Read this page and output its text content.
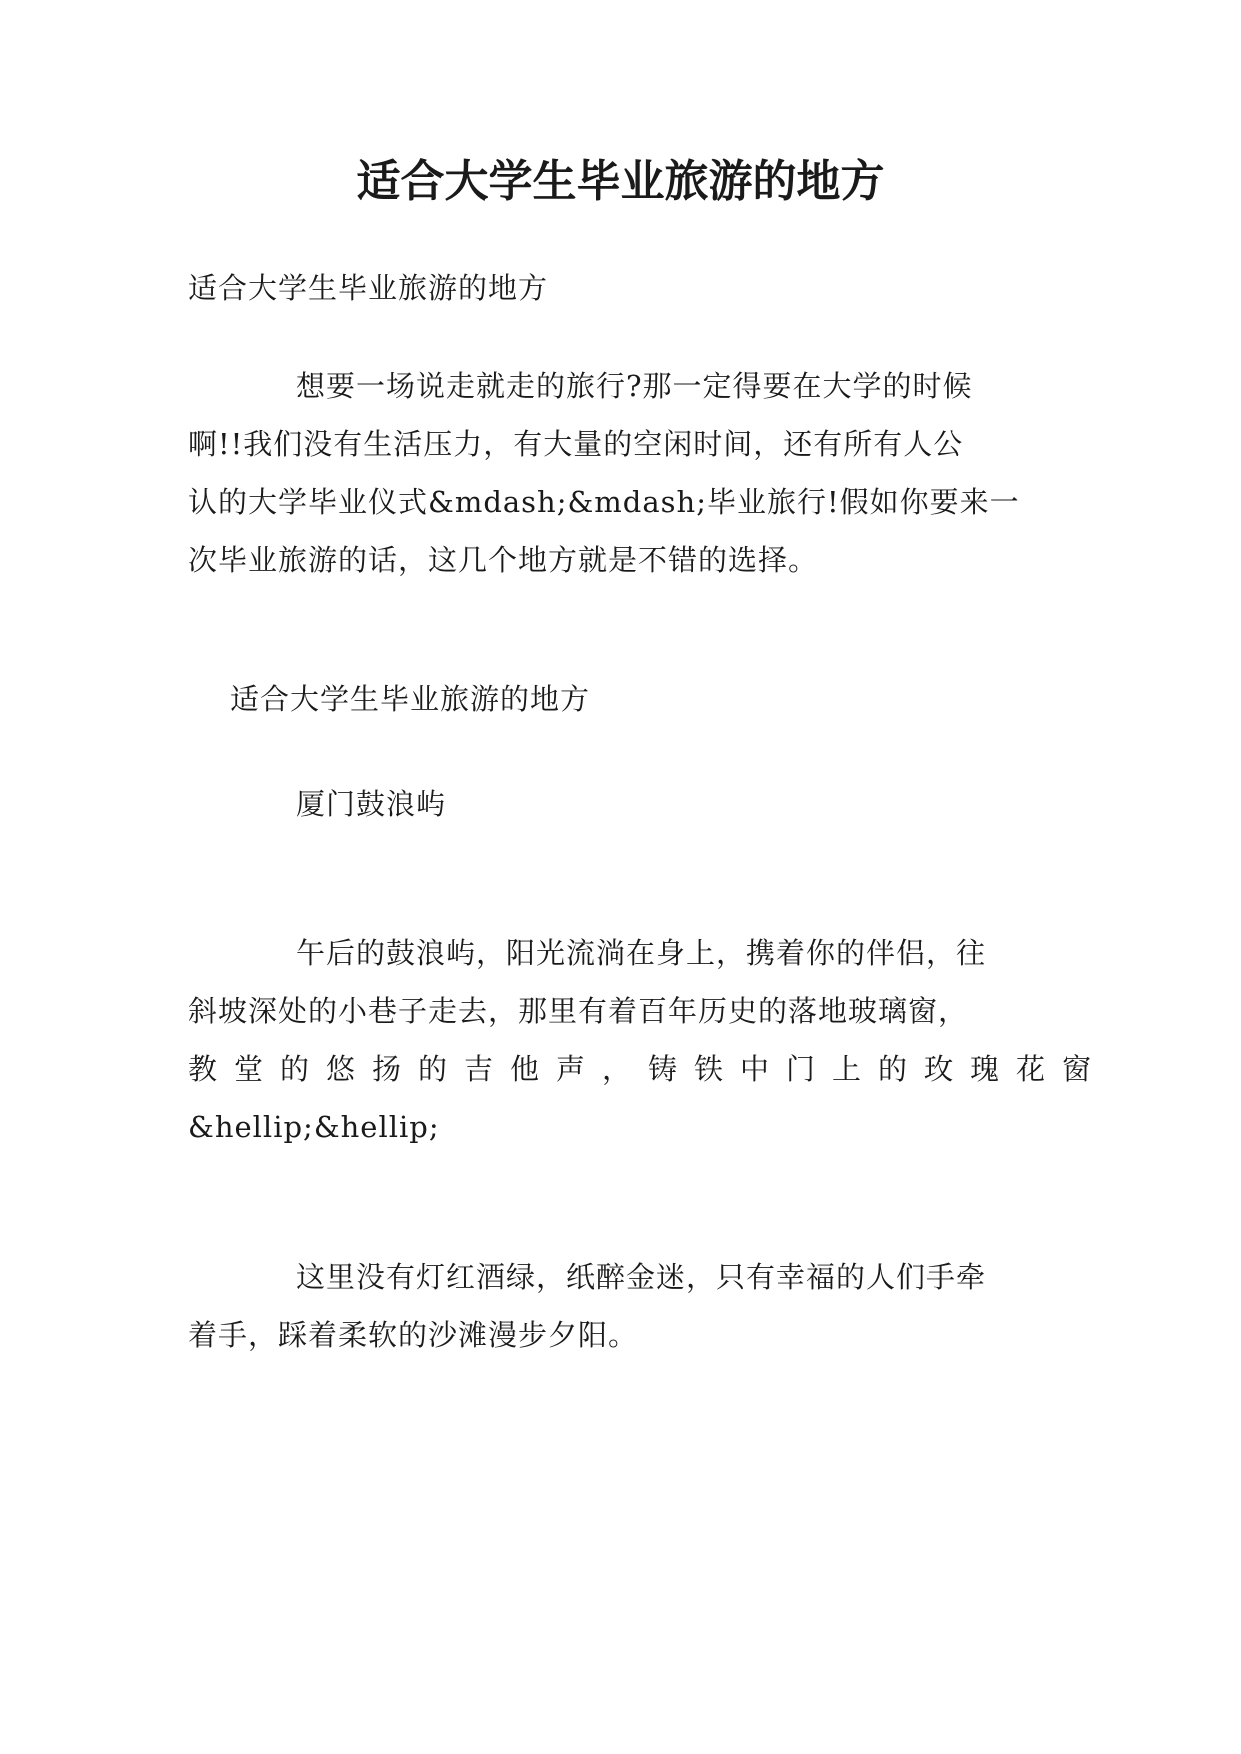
适合大学生毕业旅游的地方

适合大学生毕业旅游的地方

想要一场说走就走的旅行?那一定得要在大学的时候
啊!!我们没有生活压力，有大量的空闲时间，还有所有人公
认的大学毕业仪式&mdash;&mdash;毕业旅行!假如你要来一
次毕业旅游的话，这几个地方就是不错的选择。

适合大学生毕业旅游的地方

厦门鼓浪屿

午后的鼓浪屿，阳光流淌在身上，携着你的伴侣，往
斜坡深处的小巷子走去，那里有着百年历史的落地玻璃窗，
教堂的悠扬的吉他声，铸铁中门上的玫瑰花窗
&hellip;&hellip;
这里没有灯红酒绿，纸醉金迷，只有幸福的人们手牵
着手，踩着柔软的沙滩漫步夕阳。
